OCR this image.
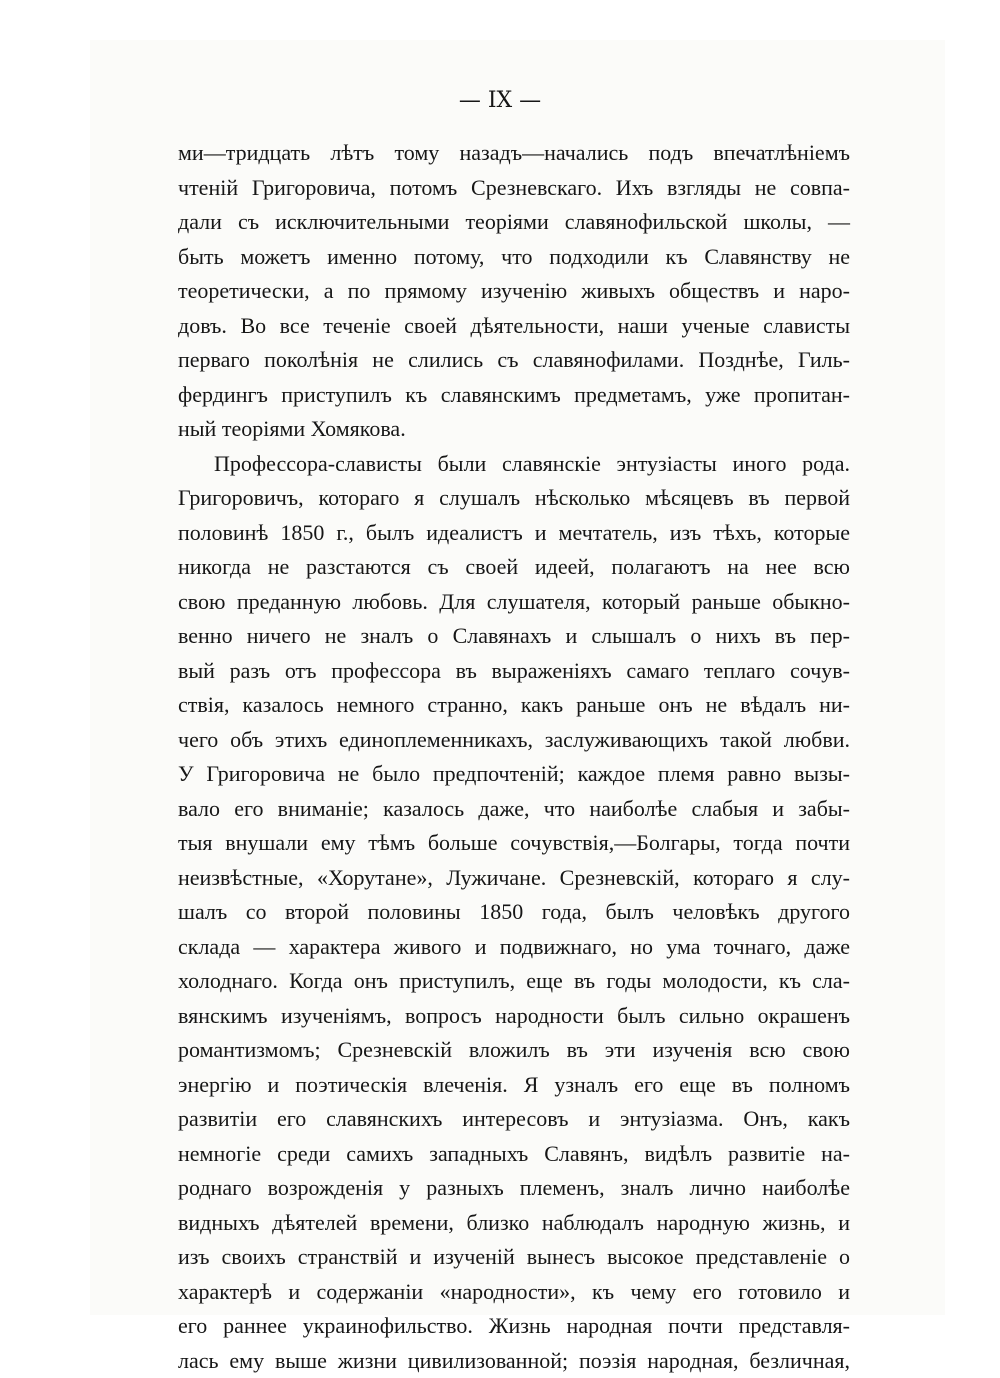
— IX —
ми—тридцать лѣтъ тому назадъ—начались подъ впечатлѣніемъ
чтеній Григоровича, потомъ Срезневскаго. Ихъ взгляды не совпа-
дали съ исключительными теоріями славянофильской школы, —
быть можетъ именно потому, что подходили къ Славянству не
теоретически, а по прямому изученію живыхъ обществъ и наро-
довъ. Во все теченіе своей дѣятельности, наши ученые слависты
перваго поколѣнія не слились съ славянофилами. Позднѣе, Гиль-
фердингъ приступилъ къ славянскимъ предметамъ, уже пропитан-
ный теоріями Хомякова.
Профессора-слависты были славянскіе энтузіасты иного рода.
Григоровичъ, котораго я слушалъ нѣсколько мѣсяцевъ въ первой
половинѣ 1850 г., былъ идеалистъ и мечтатель, изъ тѣхъ, которые
никогда не разстаются съ своей идеей, полагаютъ на нее всю
свою преданную любовь. Для слушателя, который раньше обыкно-
венно ничего не зналъ о Славянахъ и слышалъ о нихъ въ пер-
вый разъ отъ профессора въ выраженіяхъ самаго теплаго сочув-
ствія, казалось немного странно, какъ раньше онъ не вѣдалъ ни-
чего объ этихъ единоплеменникахъ, заслуживающихъ такой любви.
У Григоровича не было предпочтеній; каждое племя равно вызы-
вало его вниманіе; казалось даже, что наиболѣе слабыя и забы-
тыя внушали ему тѣмъ больше сочувствія,—Болгары, тогда почти
неизвѣстные, «Хорутане», Лужичане. Срезневскій, котораго я слу-
шалъ со второй половины 1850 года, былъ человѣкъ другого
склада — характера живого и подвижнаго, но ума точнаго, даже
холоднаго. Когда онъ приступилъ, еще въ годы молодости, къ сла-
вянскимъ изученіямъ, вопросъ народности былъ сильно окрашенъ
романтизмомъ; Срезневскій вложилъ въ эти изученія всю свою
энергію и поэтическія влеченія. Я узналъ его еще въ полномъ
развитіи его славянскихъ интересовъ и энтузіазма. Онъ, какъ
немногіе среди самихъ западныхъ Славянъ, видѣлъ развитіе на-
роднаго возрожденія у разныхъ племенъ, зналъ лично наиболѣе
видныхъ дѣятелей времени, близко наблюдалъ народную жизнь, и
изъ своихъ странствій и изученій вынесъ высокое представленіе о
характерѣ и содержаніи «народности», къ чему его готовило и
его раннее украинофильство. Жизнь народная почти представля-
лась ему выше жизни цивилизованной; поэзія народная, безличная,
